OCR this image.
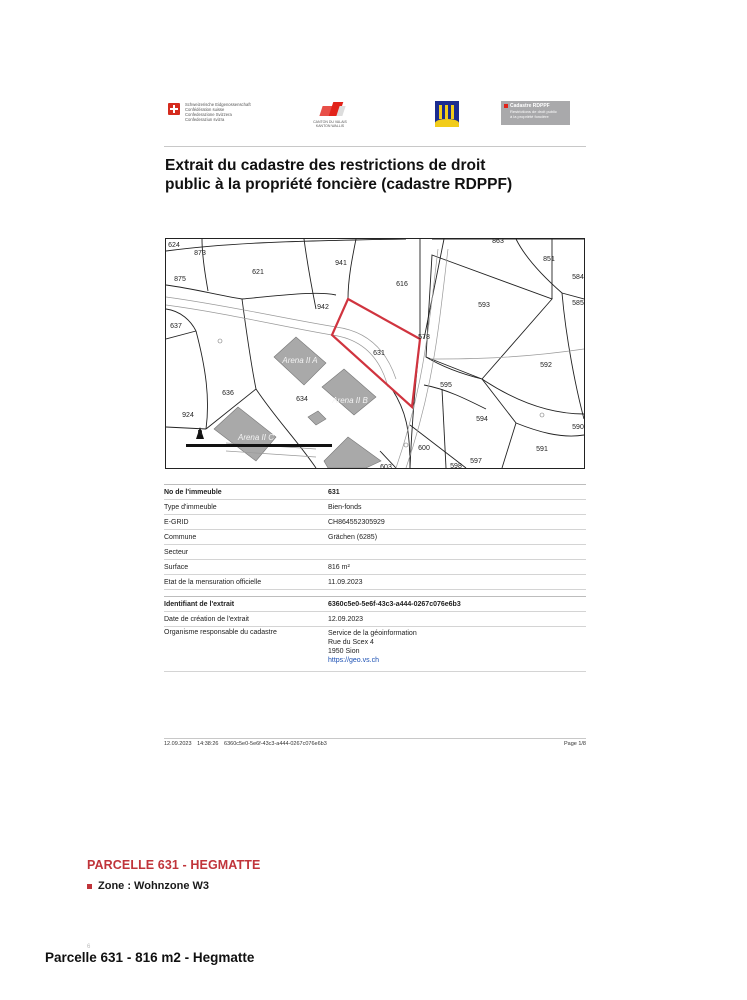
Schweizerische Eidgenossenschaft
Confédération suisse
Confederazione Svizzera
Confederaziun svizra	CANTON DU VALAIS
KANTON WALLIS
Cadastre RDPPF
Restrictions de droit public
à la propriété foncière
Extrait du cadastre des restrictions de droit
public à la propriété foncière (cadastre RDPPF)
624
873
875
621
941
616
863
851
584
585
942	593
637
578
631
592
636
634
595
924
594
590
591
600
597
598
603
N
Arena II A
Arena II B
Arena II C
No de l'immeuble	631
Type d'immeuble	Bien-fonds
E-GRID	CH864552305929
Commune	Grächen (6285)
Secteur
Surface	816 m²
Etat de la mensuration officielle	11.09.2023
Identifiant de l'extrait	6360c5e0-5e6f-43c3-a444-0267c076e6b3
Date de création de l'extrait	12.09.2023
Organisme responsable du cadastre	Service de la géoinformation
Rue du Scex 4
1950 Sion
https://geo.vs.ch
12.09.2023 14:38:26 6360c5e0-5e6f-43c3-a444-0267c076e6b3	Page 1/8
PARCELLE 631 - HEGMATTE
Zone : Wohnzone W3
6
Parcelle 631 - 816 m2 - Hegmatte
